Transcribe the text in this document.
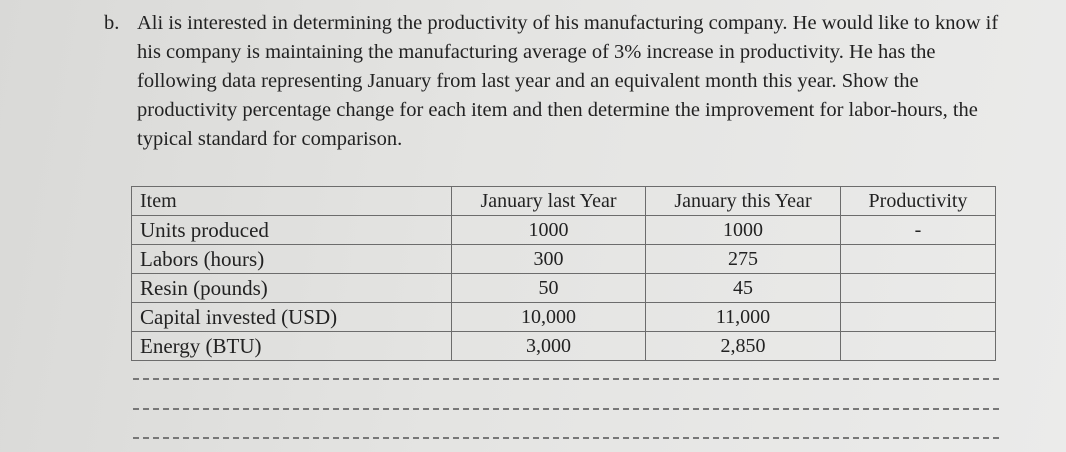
b. Ali is interested in determining the productivity of his manufacturing company. He would like to know if his company is maintaining the manufacturing average of 3% increase in productivity. He has the following data representing January from last year and an equivalent month this year. Show the productivity percentage change for each item and then determine the improvement for labor-hours, the typical standard for comparison.
Item	January last Year	January this Year	Productivity
Units produced	1000	1000	-
Labors (hours)	300	275	
Resin (pounds)	50	45	
Capital invested (USD)	10,000	11,000	
Energy (BTU)	3,000	2,850	
